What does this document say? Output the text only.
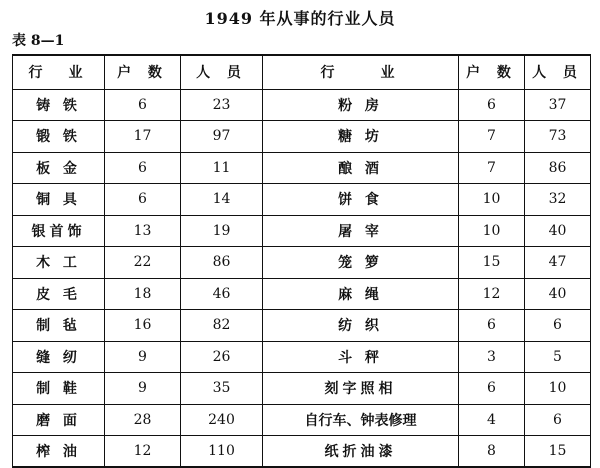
1949 年从事的行业人员
表 8—1
行　业	户 数	人 员	行　　业	户 数	人 员
铸 铁	6	23	粉 房	6	37
锻 铁	17	97	糖 坊	7	73
板 金	6	11	酿 酒	7	86
铜 具	6	14	饼 食	10	32
银首饰	13	19	屠 宰	10	40
木 工	22	86	笼 箩	15	47
皮 毛	18	46	麻 绳	12	40
制 毡	16	82	纺 织	6	6
缝 纫	9	26	斗 秤	3	5
制 鞋	9	35	刻字照相	6	10
磨 面	28	240	自行车、钟表修理	4	6
榨 油	12	110	纸折油漆	8	15
